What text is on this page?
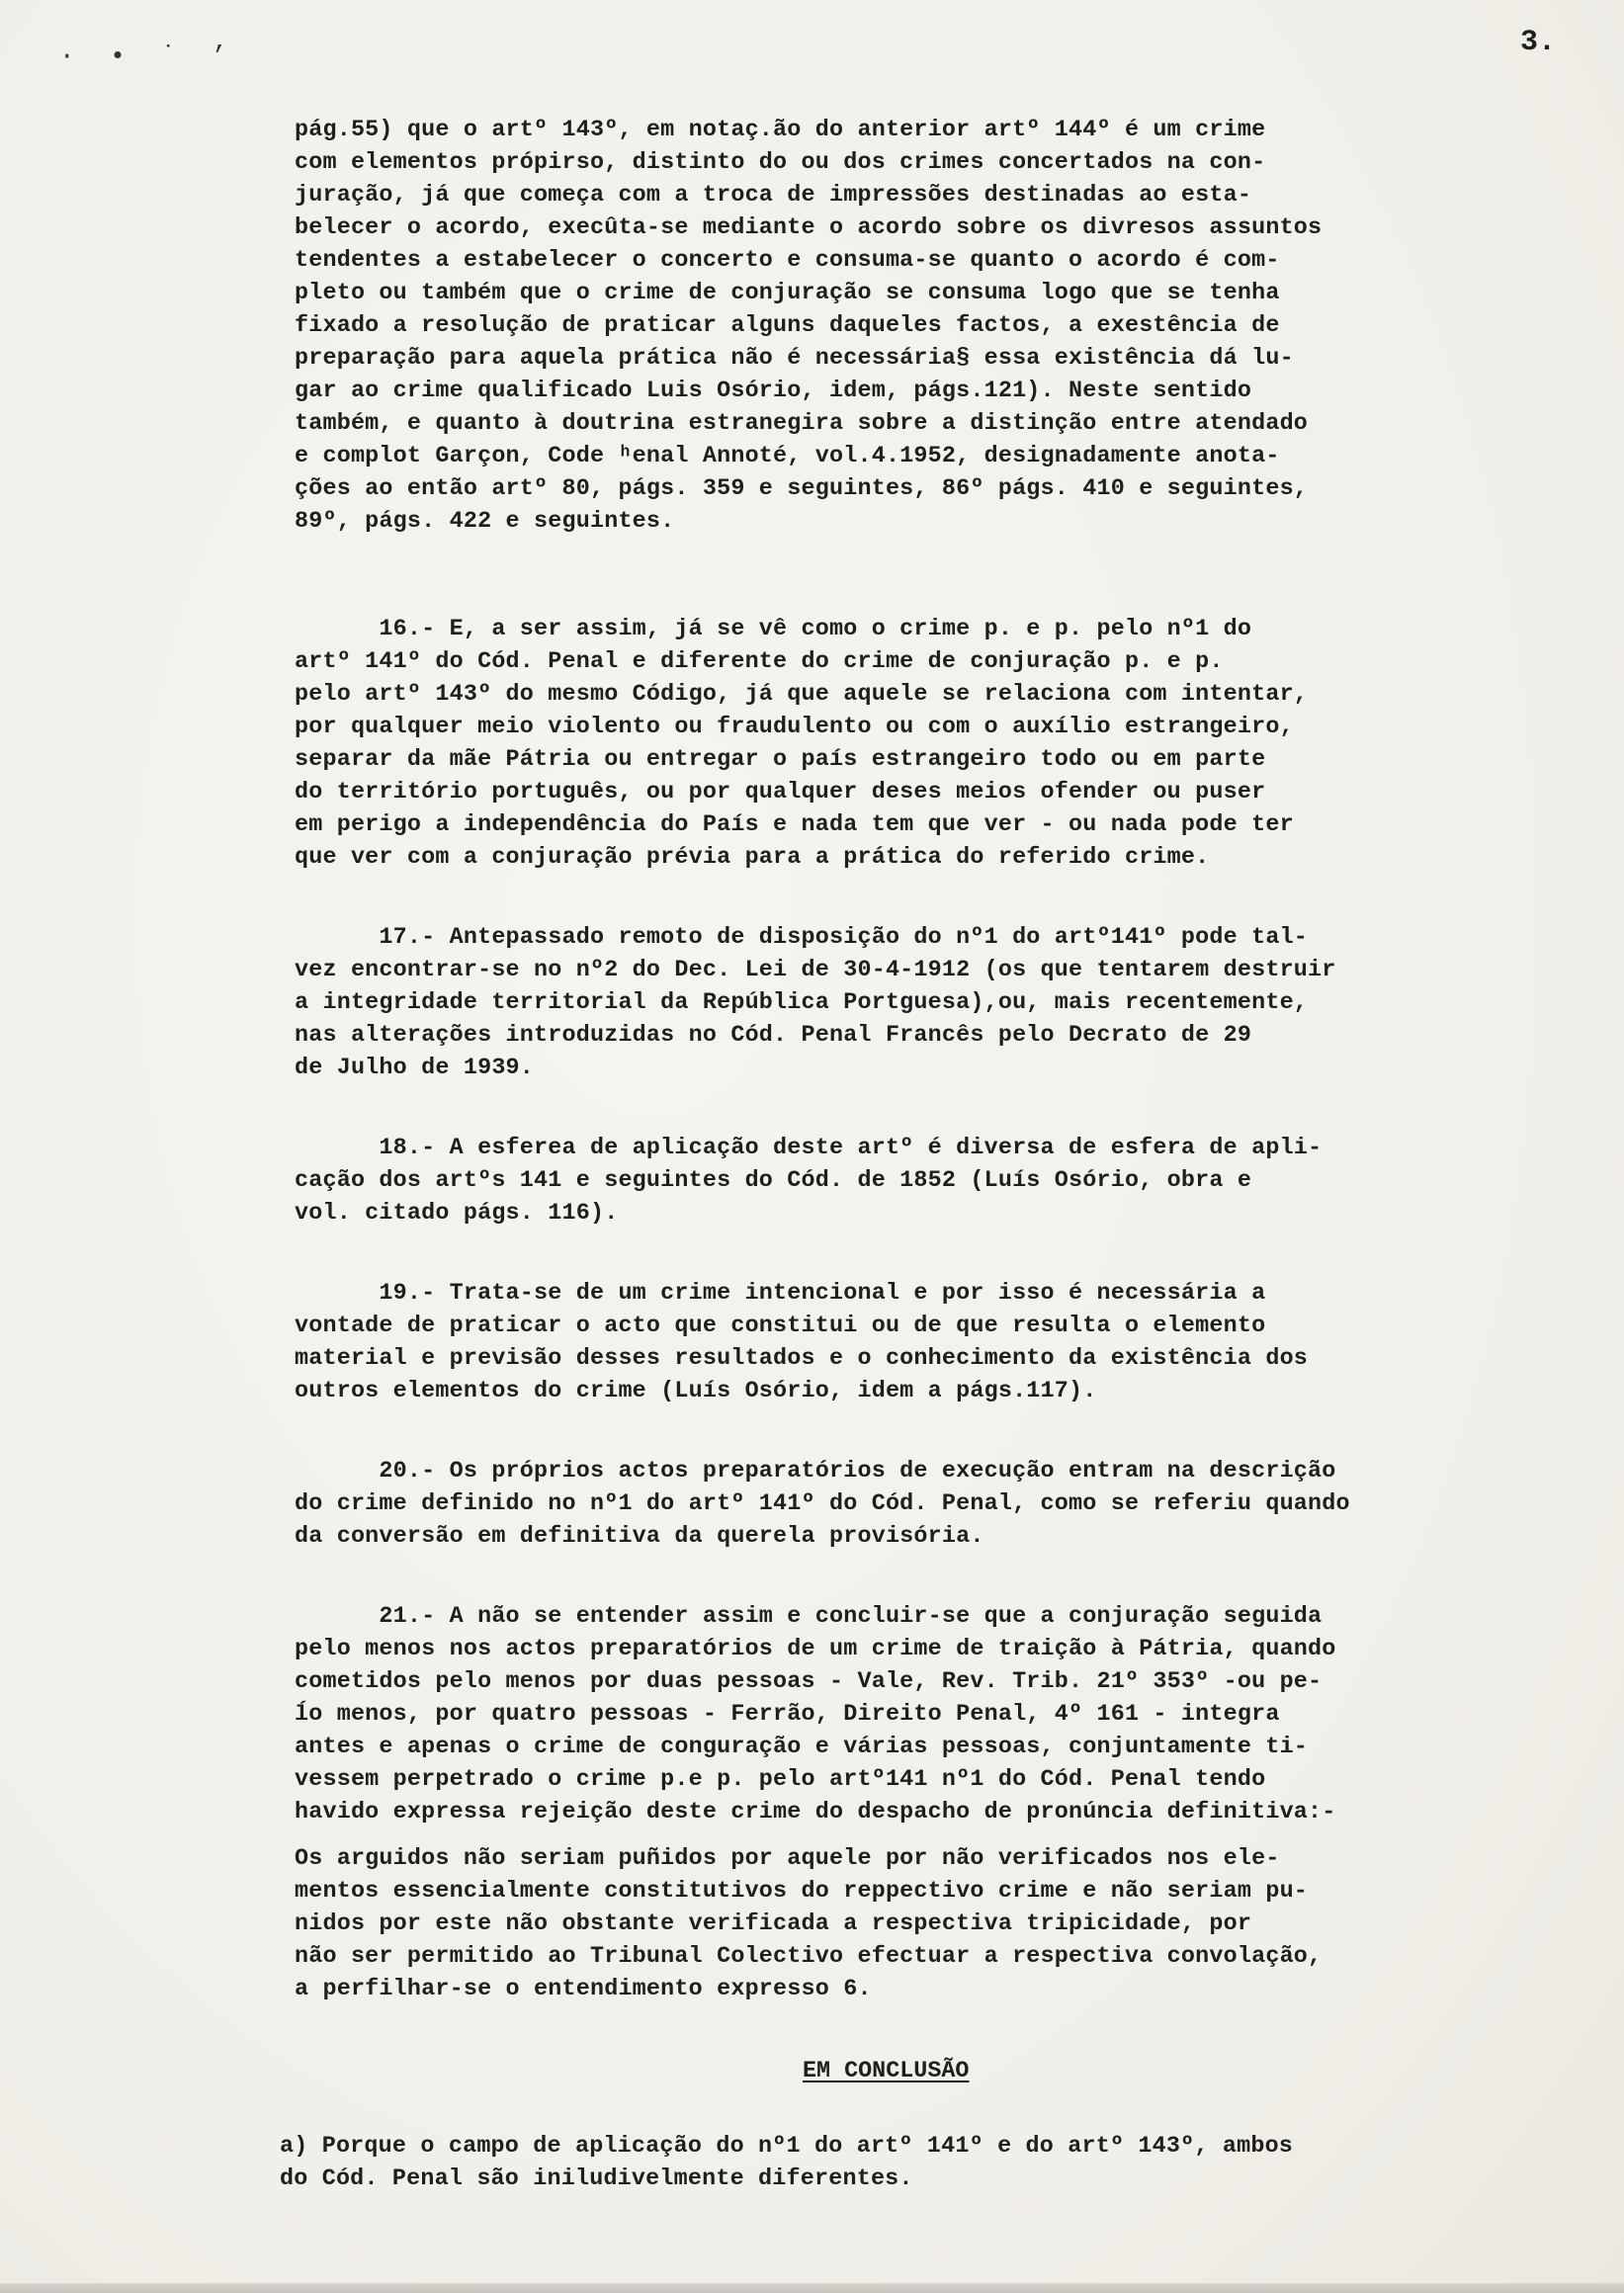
· • ˙ ’	3.

pág.55) que o artº 143º, em notaç.ão do anterior artº 144º é um crime
com elementos própirso, distinto do ou dos crimes concertados na con-
juração, já que começa com a troca de impressões destinadas ao esta-
belecer o acordo, execûta-se mediante o acordo sobre os divresos assuntos
tendentes a estabelecer o concerto e consuma-se quanto o acordo é com-
pleto ou também que o crime de conjuração se consuma logo que se tenha
fixado a resolução de praticar alguns daqueles factos, a exestência de
preparação para aquela prática não é necessária§ essa existência dá lu-
gar ao crime qualificado Luis Osório, idem, págs.121). Neste sentido
também, e quanto à doutrina estranegira sobre a distinção entre atendado
e complot Garçon, Code ʰenal Annoté, vol.4.1952, designadamente anota-
ções ao então artº 80, págs. 359 e seguintes, 86º págs. 410 e seguintes,
89º, págs. 422 e seguintes.

16.- E, a ser assim, já se vê como o crime p. e p. pelo nº1 do
artº 141º do Cód. Penal e diferente do crime de conjuração p. e p.
pelo artº 143º do mesmo Código, já que aquele se relaciona com intentar,
por qualquer meio violento ou fraudulento ou com o auxílio estrangeiro,
separar da mãe Pátria ou entregar o país estrangeiro todo ou em parte
do território português, ou por qualquer deses meios ofender ou puser
em perigo a independência do País e nada tem que ver - ou nada pode ter
que ver com a conjuração prévia para a prática do referido crime.

17.- Antepassado remoto de disposição do nº1 do artº141º pode tal-
vez encontrar-se no nº2 do Dec. Lei de 30-4-1912 (os que tentarem destruir
a integridade territorial da República Portguesa),ou, mais recentemente,
nas alterações introduzidas no Cód. Penal Francês pelo Decrato de 29
de Julho de 1939.

18.- A esferea de aplicação deste artº é diversa de esfera de apli-
cação dos artºs 141 e seguintes do Cód. de 1852 (Luís Osório, obra e
vol. citado págs. 116).

19.- Trata-se de um crime intencional e por isso é necessária a
vontade de praticar o acto que constitui ou de que resulta o elemento
material e previsão desses resultados e o conhecimento da existência dos
outros elementos do crime (Luís Osório, idem a págs.117).

20.- Os próprios actos preparatórios de execução entram na descrição
do crime definido no nº1 do artº 141º do Cód. Penal, como se referiu quando
da conversão em definitiva da querela provisória.

21.- A não se entender assim e concluir-se que a conjuração seguida
pelo menos nos actos preparatórios de um crime de traição à Pátria, quando
cometidos pelo menos por duas pessoas - Vale, Rev. Trib. 21º 353º -ou pe-
ĺo menos, por quatro pessoas - Ferrão, Direito Penal, 4º 161 - integra
antes e apenas o crime de conguração e várias pessoas, conjuntamente ti-
vessem perpetrado o crime p.e p. pelo artº141 nº1 do Cód. Penal tendo
havido expressa rejeição deste crime do despacho de pronúncia definitiva:-

Os arguidos não seriam puñidos por aquele por não verificados nos ele-
mentos essencialmente constitutivos do reppectivo crime e não seriam pu-
nidos por este não obstante verificada a respectiva tripicidade, por
não ser permitido ao Tribunal Colectivo efectuar a respectiva convolação,
a perfilhar-se o entendimento expresso 6.

EM CONCLUSÃO

a) Porque o campo de aplicação do nº1 do artº 141º e do artº 143º, ambos
do Cód. Penal são iniludivelmente diferentes.
